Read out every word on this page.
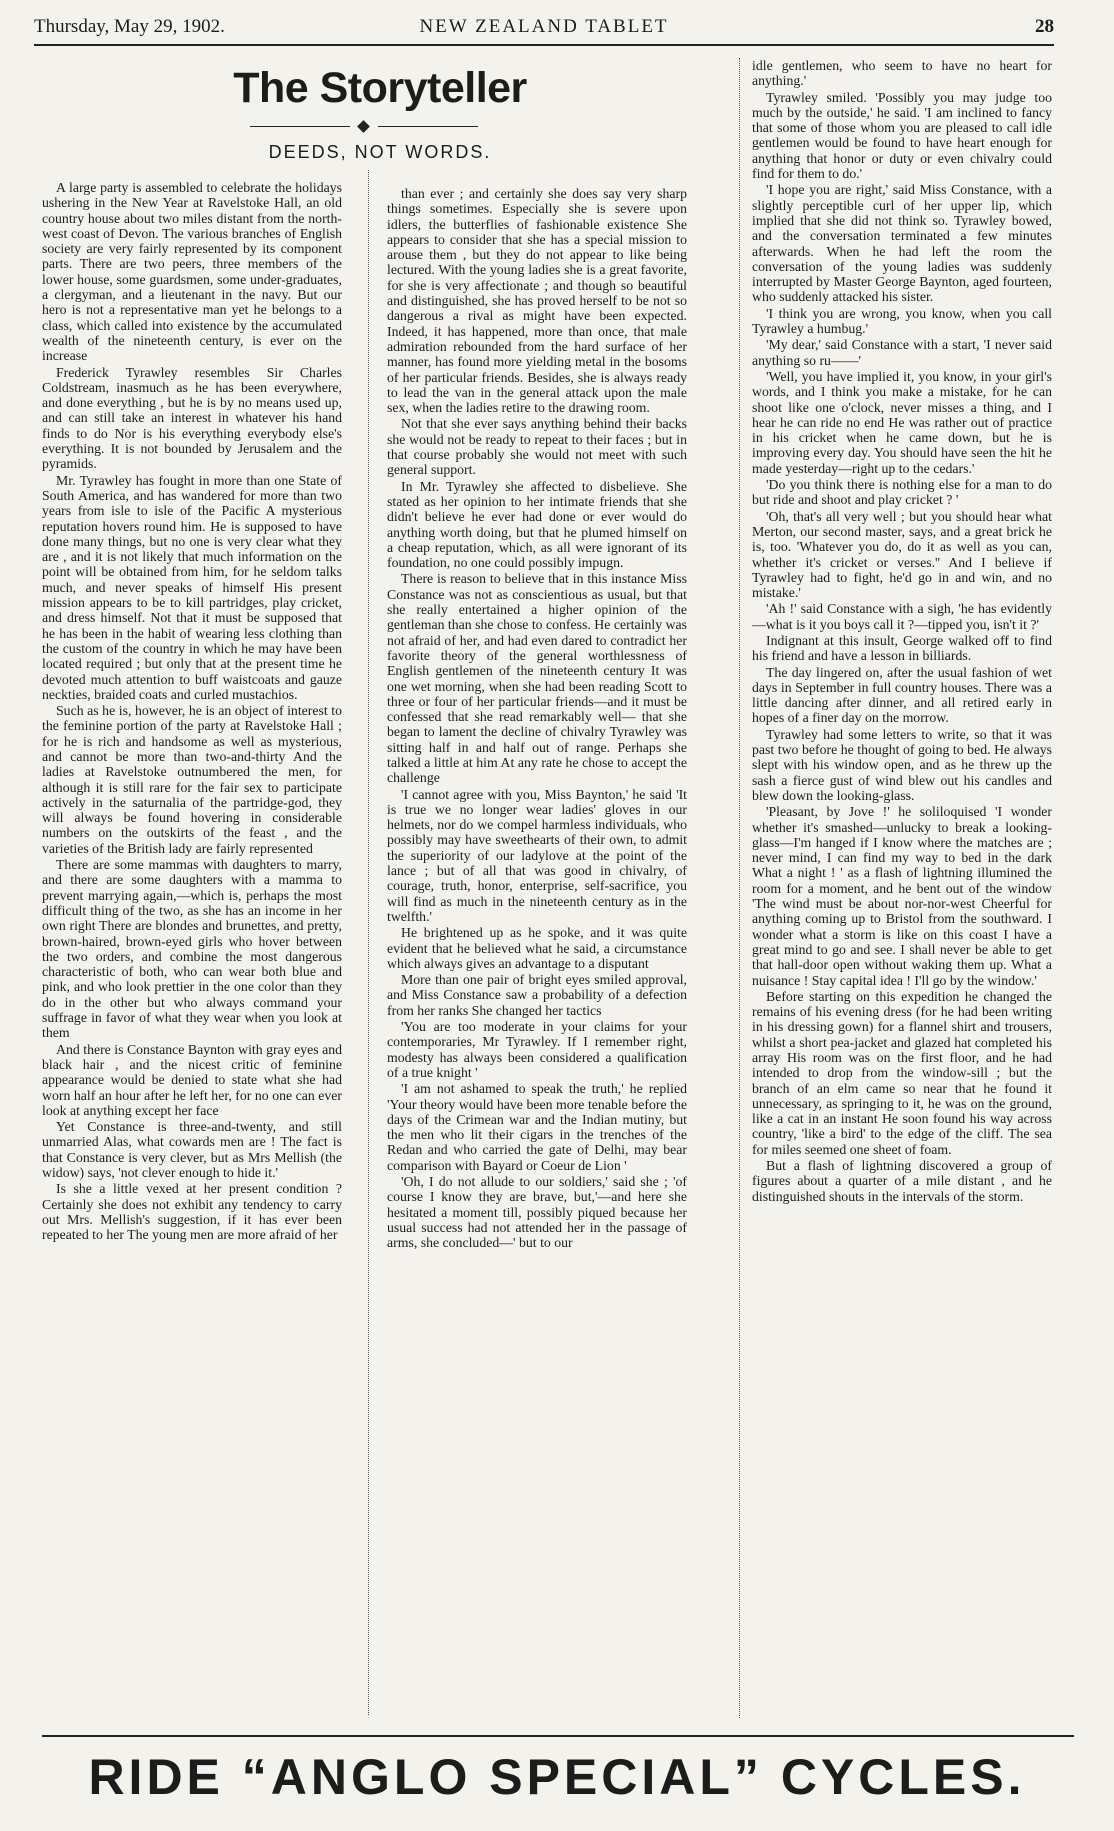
Thursday, May 29, 1902.	NEW ZEALAND TABLET	28
The Storyteller
DEEDS, NOT WORDS.

A large party is assembled to celebrate the holidays ushering in the New Year at Ravelstoke Hall, an old country house about two miles distant from the north-west coast of Devon. The various branches of English society are very fairly represented by its component parts. There are two peers, three members of the lower house, some guardsmen, some under-graduates, a clergyman, and a lieutenant in the navy. But our hero is not a representative man yet he belongs to a class, which called into existence by the accumulated wealth of the nineteenth century, is ever on the increase

Frederick Tyrawley resembles Sir Charles Coldstream, inasmuch as he has been everywhere, and done everything , but he is by no means used up, and can still take an interest in whatever his hand finds to do Nor is his everything everybody else's everything. It is not bounded by Jerusalem and the pyramids.

Mr. Tyrawley has fought in more than one State of South America, and has wandered for more than two years from isle to isle of the Pacific A mysterious reputation hovers round him. He is supposed to have done many things, but no one is very clear what they are , and it is not likely that much information on the point will be obtained from him, for he seldom talks much, and never speaks of himself His present mission appears to be to kill partridges, play cricket, and dress himself. Not that it must be supposed that he has been in the habit of wearing less clothing than the custom of the country in which he may have been located required ; but only that at the present time he devoted much attention to buff waistcoats and gauze neckties, braided coats and curled mustachios.

Such as he is, however, he is an object of interest to the feminine portion of the party at Ravelstoke Hall ; for he is rich and handsome as well as mysterious, and cannot be more than two-and-thirty And the ladies at Ravelstoke outnumbered the men, for although it is still rare for the fair sex to participate actively in the saturnalia of the partridge-god, they will always be found hovering in considerable numbers on the outskirts of the feast , and the varieties of the British lady are fairly represented

There are some mammas with daughters to marry, and there are some daughters with a mamma to prevent marrying again,—which is, perhaps the most difficult thing of the two, as she has an income in her own right There are blondes and brunettes, and pretty, brown-haired, brown-eyed girls who hover between the two orders, and combine the most dangerous characteristic of both, who can wear both blue and pink, and who look prettier in the one color than they do in the other but who always command your suffrage in favor of what they wear when you look at them

And there is Constance Baynton with gray eyes and black hair , and the nicest critic of feminine appearance would be denied to state what she had worn half an hour after he left her, for no one can ever look at anything except her face

Yet Constance is three-and-twenty, and still unmarried Alas, what cowards men are ! The fact is that Constance is very clever, but as Mrs Mellish (the widow) says, 'not clever enough to hide it.'

Is she a little vexed at her present condition ? Certainly she does not exhibit any tendency to carry out Mrs. Mellish's suggestion, if it has ever been repeated to her The young men are more afraid of her

than ever ; and certainly she does say very sharp things sometimes. Especially she is severe upon idlers, the butterflies of fashionable existence She appears to consider that she has a special mission to arouse them , but they do not appear to like being lectured. With the young ladies she is a great favorite, for she is very affectionate ; and though so beautiful and distinguished, she has proved herself to be not so dangerous a rival as might have been expected. Indeed, it has happened, more than once, that male admiration rebounded from the hard surface of her manner, has found more yielding metal in the bosoms of her particular friends. Besides, she is always ready to lead the van in the general attack upon the male sex, when the ladies retire to the drawing room.

Not that she ever says anything behind their backs she would not be ready to repeat to their faces ; but in that course probably she would not meet with such general support.

In Mr. Tyrawley she affected to disbelieve. She stated as her opinion to her intimate friends that she didn't believe he ever had done or ever would do anything worth doing, but that he plumed himself on a cheap reputation, which, as all were ignorant of its foundation, no one could possibly impugn.

There is reason to believe that in this instance Miss Constance was not as conscientious as usual, but that she really entertained a higher opinion of the gentleman than she chose to confess. He certainly was not afraid of her, and had even dared to contradict her favorite theory of the general worthlessness of English gentlemen of the nineteenth century It was one wet morning, when she had been reading Scott to three or four of her particular friends—and it must be confessed that she read remarkably well— that she began to lament the decline of chivalry Tyrawley was sitting half in and half out of range. Perhaps she talked a little at him At any rate he chose to accept the challenge

'I cannot agree with you, Miss Baynton,' he said 'It is true we no longer wear ladies' gloves in our helmets, nor do we compel harmless individuals, who possibly may have sweethearts of their own, to admit the superiority of our ladylove at the point of the lance ; but of all that was good in chivalry, of courage, truth, honor, enterprise, self-sacrifice, you will find as much in the nineteenth century as in the twelfth.'

He brightened up as he spoke, and it was quite evident that he believed what he said, a circumstance which always gives an advantage to a disputant

More than one pair of bright eyes smiled approval, and Miss Constance saw a probability of a defection from her ranks She changed her tactics

'You are too moderate in your claims for your contemporaries, Mr Tyrawley. If I remember right, modesty has always been considered a qualification of a true knight '

'I am not ashamed to speak the truth,' he replied 'Your theory would have been more tenable before the days of the Crimean war and the Indian mutiny, but the men who lit their cigars in the trenches of the Redan and who carried the gate of Delhi, may bear comparison with Bayard or Coeur de Lion '

'Oh, I do not allude to our soldiers,' said she ; 'of course I know they are brave, but,'—and here she hesitated a moment till, possibly piqued because her usual success had not attended her in the passage of arms, she concluded—' but to our

idle gentlemen, who seem to have no heart for anything.'

Tyrawley smiled. 'Possibly you may judge too much by the outside,' he said. 'I am inclined to fancy that some of those whom you are pleased to call idle gentlemen would be found to have heart enough for anything that honor or duty or even chivalry could find for them to do.'

'I hope you are right,' said Miss Constance, with a slightly perceptible curl of her upper lip, which implied that she did not think so. Tyrawley bowed, and the conversation terminated a few minutes afterwards. When he had left the room the conversation of the young ladies was suddenly interrupted by Master George Baynton, aged fourteen, who suddenly attacked his sister.

'I think you are wrong, you know, when you call Tyrawley a humbug.'

'My dear,' said Constance with a start, 'I never said anything so ru——'

'Well, you have implied it, you know, in your girl's words, and I think you make a mistake, for he can shoot like one o'clock, never misses a thing, and I hear he can ride no end He was rather out of practice in his cricket when he came down, but he is improving every day. You should have seen the hit he made yesterday—right up to the cedars.'

'Do you think there is nothing else for a man to do but ride and shoot and play cricket ? '

'Oh, that's all very well ; but you should hear what Merton, our second master, says, and a great brick he is, too. 'Whatever you do, do it as well as you can, whether it's cricket or verses.'' And I believe if Tyrawley had to fight, he'd go in and win, and no mistake.'

'Ah !' said Constance with a sigh, 'he has evidently—what is it you boys call it ?—tipped you, isn't it ?'

Indignant at this insult, George walked off to find his friend and have a lesson in billiards.

The day lingered on, after the usual fashion of wet days in September in full country houses. There was a little dancing after dinner, and all retired early in hopes of a finer day on the morrow.

Tyrawley had some letters to write, so that it was past two before he thought of going to bed. He always slept with his window open, and as he threw up the sash a fierce gust of wind blew out his candles and blew down the looking-glass.

'Pleasant, by Jove !' he soliloquised 'I wonder whether it's smashed—unlucky to break a looking-glass—I'm hanged if I know where the matches are ; never mind, I can find my way to bed in the dark What a night ! ' as a flash of lightning illumined the room for a moment, and he bent out of the window 'The wind must be about nor-nor-west Cheerful for anything coming up to Bristol from the southward. I wonder what a storm is like on this coast I have a great mind to go and see. I shall never be able to get that hall-door open without waking them up. What a nuisance ! Stay capital idea ! I'll go by the window.'

Before starting on this expedition he changed the remains of his evening dress (for he had been writing in his dressing gown) for a flannel shirt and trousers, whilst a short pea-jacket and glazed hat completed his array His room was on the first floor, and he had intended to drop from the window-sill ; but the branch of an elm came so near that he found it unnecessary, as springing to it, he was on the ground, like a cat in an instant He soon found his way across country, 'like a bird' to the edge of the cliff. The sea for miles seemed one sheet of foam.

But a flash of lightning discovered a group of figures about a quarter of a mile distant , and he distinguished shouts in the intervals of the storm.

RIDE “ANGLO SPECIAL” CYCLES.
